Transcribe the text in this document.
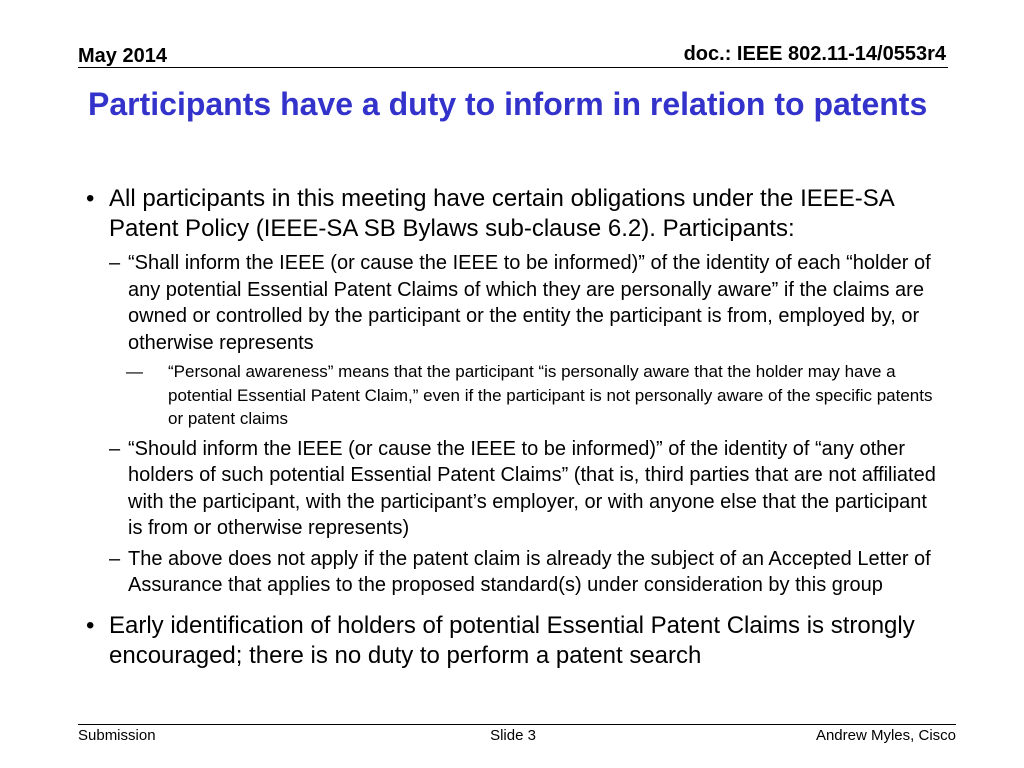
May 2014	doc.: IEEE 802.11-14/0553r4
Participants have a duty to inform in relation to patents
• All participants in this meeting have certain obligations under the IEEE-SA Patent Policy (IEEE-SA SB Bylaws sub-clause 6.2). Participants:
– “Shall inform the IEEE (or cause the IEEE to be informed)” of the identity of each “holder of any potential Essential Patent Claims of which they are personally aware” if the claims are owned or controlled by the participant or the entity the participant is from, employed by, or otherwise represents
— “Personal awareness” means that the participant “is personally aware that the holder may have a potential Essential Patent Claim,” even if the participant is not personally aware of the specific patents or patent claims
– “Should inform the IEEE (or cause the IEEE to be informed)” of the identity of “any other holders of such potential Essential Patent Claims” (that is, third parties that are not affiliated with the participant, with the participant’s employer, or with anyone else that the participant is from or otherwise represents)
– The above does not apply if the patent claim is already the subject of an Accepted Letter of Assurance that applies to the proposed standard(s) under consideration by this group
• Early identification of holders of potential Essential Patent Claims is strongly encouraged; there is no duty to perform a patent search
Submission	Slide 3	Andrew Myles, Cisco
